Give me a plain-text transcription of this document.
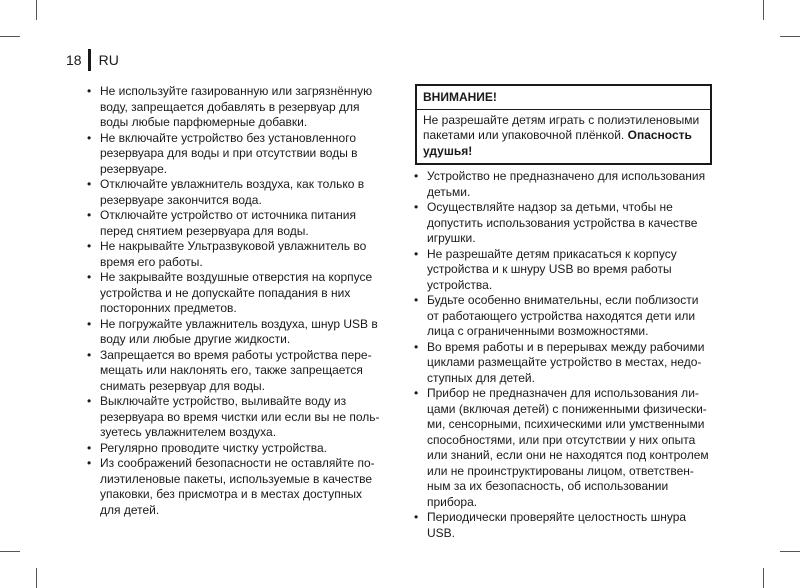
18 RU
• Не используйте газированную или загрязнённую воду, запрещается добавлять в резервуар для воды любые парфюмерные добавки.
• Не включайте устройство без установленного резервуара для воды и при отсутствии воды в резервуаре.
• Отключайте увлажнитель воздуха, как только в резервуаре закончится вода.
• Отключайте устройство от источника питания перед снятием резервуара для воды.
• Не накрывайте Ультразвуковой увлажнитель во время его работы.
• Не закрывайте воздушные отверстия на корпусе устройства и не допускайте попадания в них посторонних предметов.
• Не погружайте увлажнитель воздуха, шнур USB в воду или любые другие жидкости.
• Запрещается во время работы устройства пере-мещать или наклонять его, также запрещается снимать резервуар для воды.
• Выключайте устройство, выливайте воду из резервуара во время чистки или если вы не поль-зуетесь увлажнителем воздуха.
• Регулярно проводите чистку устройства.
• Из соображений безопасности не оставляйте по-лиэтиленовые пакеты, используемые в качестве упаковки, без присмотра и в местах доступных для детей.
ВНИМАНИЕ!
Не разрешайте детям играть с полиэтиленовыми пакетами или упаковочной плёнкой. Опасность удушья!
• Устройство не предназначено для использования детьми.
• Осуществляйте надзор за детьми, чтобы не допустить использования устройства в качестве игрушки.
• Не разрешайте детям прикасаться к корпусу устройства и к шнуру USB во время работы устройства.
• Будьте особенно внимательны, если поблизости от работающего устройства находятся дети или лица с ограниченными возможностями.
• Во время работы и в перерывах между рабочими циклами размещайте устройство в местах, недо-ступных для детей.
• Прибор не предназначен для использования ли-цами (включая детей) с пониженными физически-ми, сенсорными, психическими или умственными способностями, или при отсутствии у них опыта или знаний, если они не находятся под контролем или не проинструктированы лицом, ответствен-ным за их безопасность, об использовании прибора.
• Периодически проверяйте целостность шнура USB.
